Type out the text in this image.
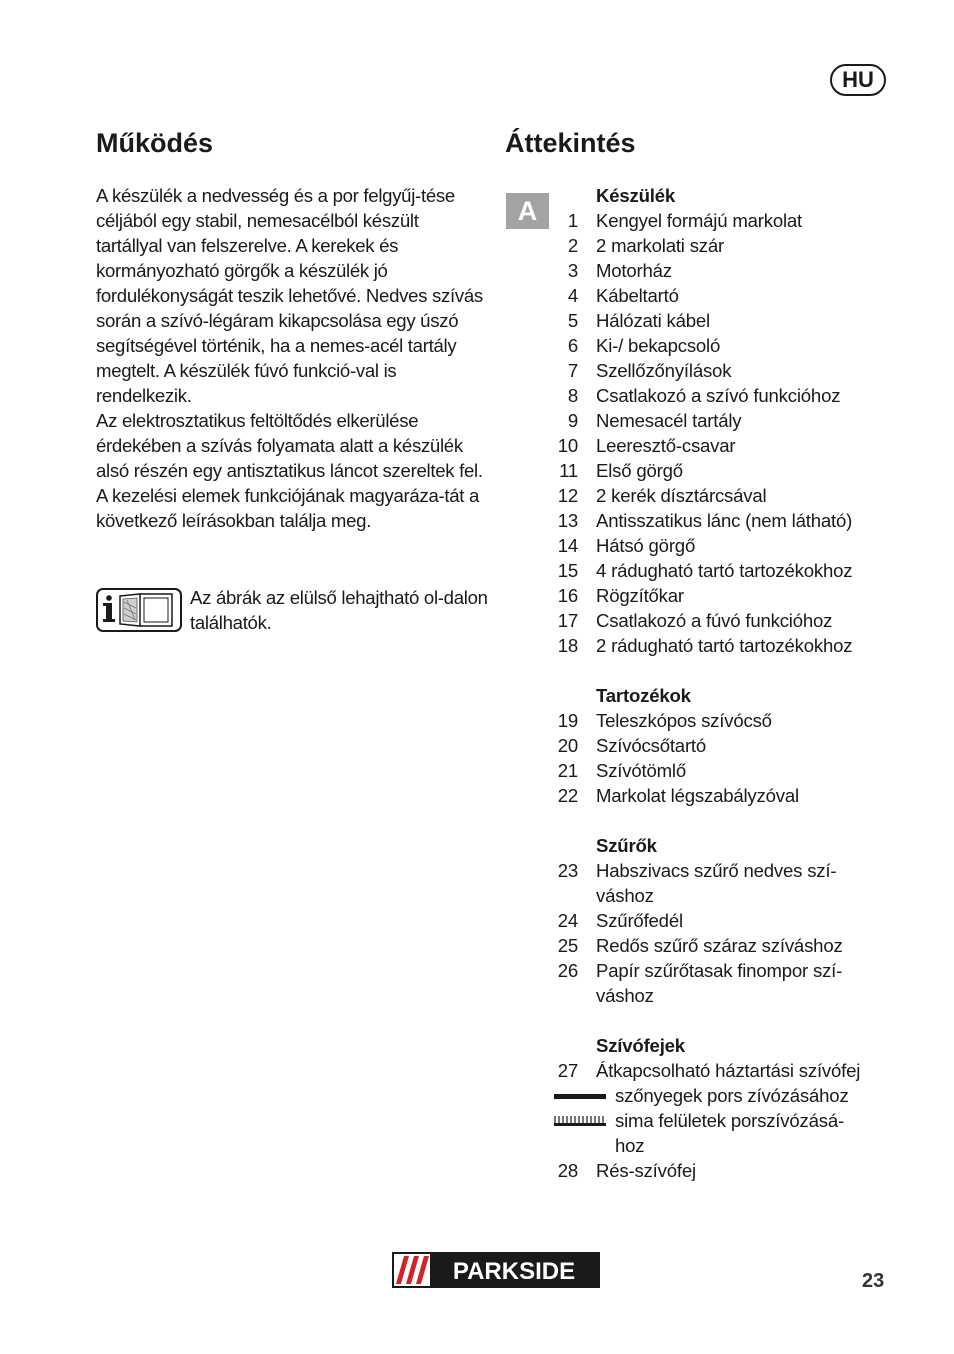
HU
Működés	Áttekintés

A készülék a nedvesség és a por felgyűj-tése céljából egy stabil, nemesacélból készült tartállyal van felszerelve. A kerekek és kormányozható görgők a készülék jó fordulékonyságát teszik lehetővé. Nedves szívás során a szívó-légáram kikapcsolása egy úszó segítségével történik, ha a nemes-acél tartály megtelt. A készülék fúvó funkció-val is rendelkezik.

Az elektrosztatikus feltöltődés elkerülése érdekében a szívás folyamata alatt a készülék alsó részén egy antisztatikus láncot szereltek fel.

A kezelési elemek funkciójának magyaráza-tát a következő leírásokban találja meg.

Az ábrák az elülső lehajtható ol-dalon találhatók.
A
Készülék
1 Kengyel formájú markolat
2 2 markolati szár
3 Motorház
4 Kábeltartó
5 Hálózati kábel
6 Ki-/ bekapcsoló
7 Szellőzőnyílások
8 Csatlakozó a szívó funkcióhoz
9 Nemesacél tartály
10 Leeresztő-csavar
11 Első görgő
12 2 kerék dísztárcsával
13 Antisszatikus lánc (nem látható)
14 Hátsó görgő
15 4 rádugható tartó tartozékokhoz
16 Rögzítőkar
17 Csatlakozó a fúvó funkcióhoz
18 2 rádugható tartó tartozékokhoz
Tartozékok
19 Teleszkópos szívócső
20 Szívócsőtartó
21 Szívótömlő
22 Markolat légszabályzóval
Szűrők
23 Habszivacs szűrő nedves szí-
váshoz
24 Szűrőfedél
25 Redős szűrő száraz szíváshoz
26 Papír szűrőtasak finompor szí-
váshoz
Szívófejek
27 Átkapcsolható háztartási szívófej
szőnyegek pors zívózásához
sima felületek porszívózásá-
hoz
28 Rés-szívófej
PARKSIDE	23
